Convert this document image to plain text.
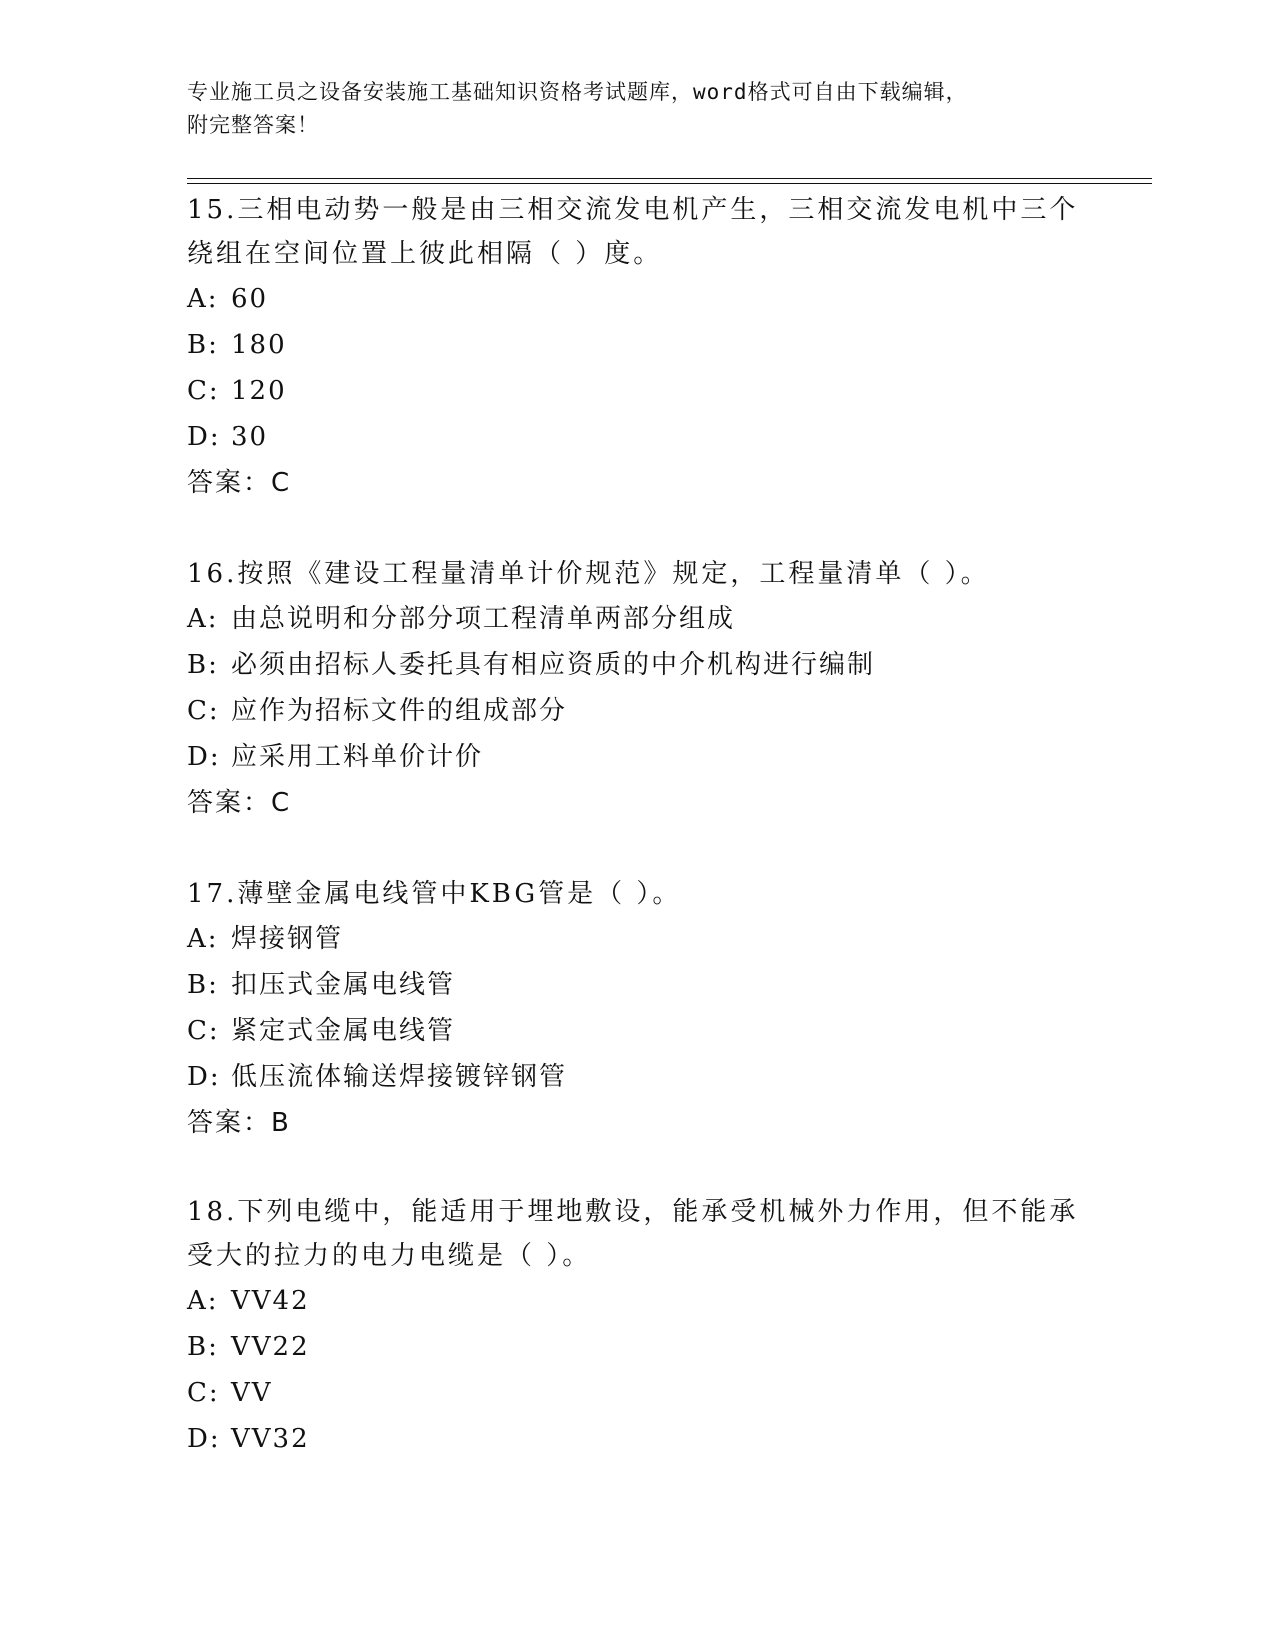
专业施工员之设备安装施工基础知识资格考试题库，word格式可自由下载编辑，
附完整答案！

15.三相电动势一般是由三相交流发电机产生，三相交流发电机中三个

绕组在空间位置上彼此相隔（ ）度。

A: 60

B: 180

C: 120

D: 30

答案：C

16.按照《建设工程量清单计价规范》规定，工程量清单（ ）。

A: 由总说明和分部分项工程清单两部分组成

B: 必须由招标人委托具有相应资质的中介机构进行编制

C: 应作为招标文件的组成部分

D: 应采用工料单价计价

答案：C

17.薄壁金属电线管中KBG管是（ ）。

A: 焊接钢管

B: 扣压式金属电线管

C: 紧定式金属电线管

D: 低压流体输送焊接镀锌钢管

答案：B

18.下列电缆中，能适用于埋地敷设，能承受机械外力作用，但不能承

受大的拉力的电力电缆是（ ）。

A: VV42

B: VV22

C: VV

D: VV32
